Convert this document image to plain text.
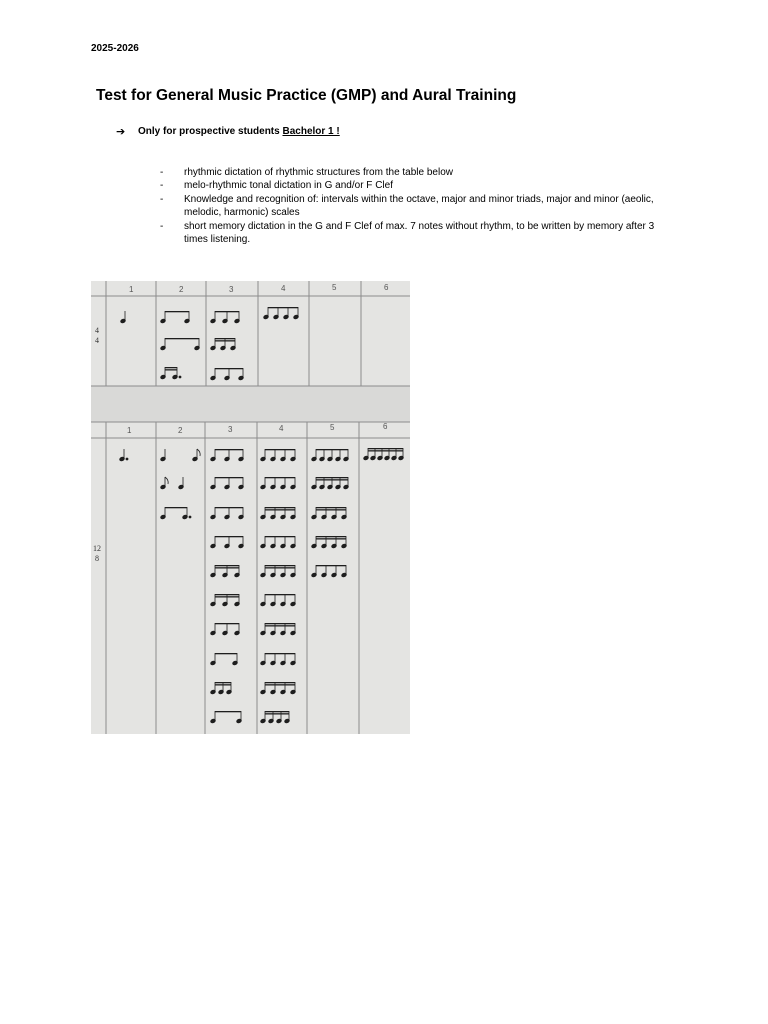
2025-2026
Test for General Music Practice (GMP) and Aural Training
➔	Only for prospective students
Bachelor 1 !
-	rhythmic dictation of rhythmic structures from the table below
-	melo-rhythmic tonal dictation in G and/or F Clef
-	Knowledge and recognition of: intervals within the octave, major and minor triads, major and minor (aeolic, melodic, harmonic) scales
-	short memory dictation in the G and F Clef of max. 7 notes without rhythm, to be written by memory after 3 times listening.
1	2	3	4	5	6
1	2	3	4	5	6
4
4
12
8
